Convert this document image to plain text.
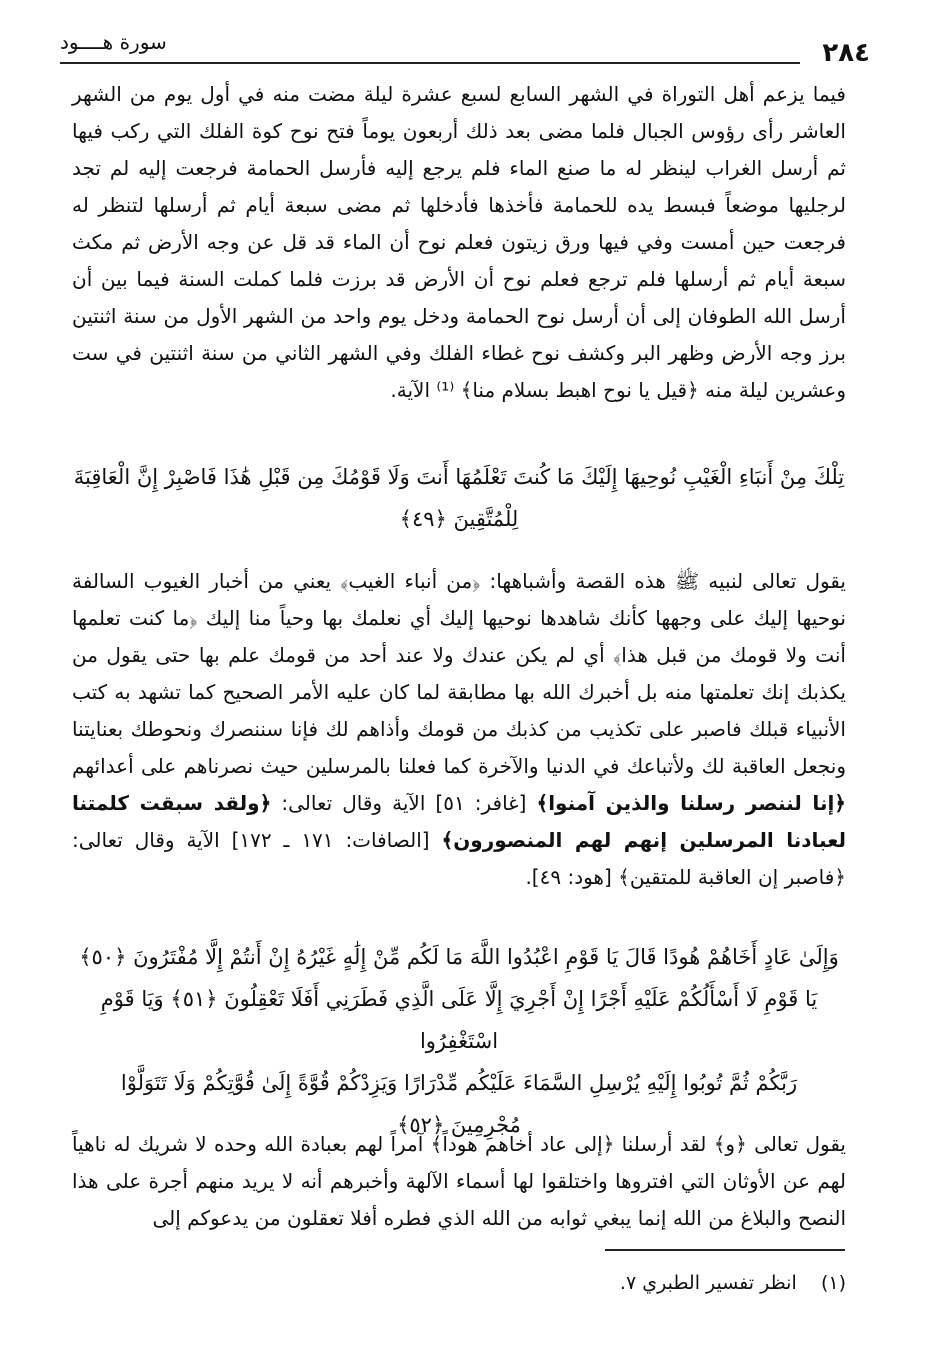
٢٨٤
سورة هــــود

فيما يزعم أهل التوراة في الشهر السابع لسبع عشرة ليلة مضت منه في أول يوم من الشهر العاشر رأى رؤوس الجبال فلما مضى بعد ذلك أربعون يوماً فتح نوح كوة الفلك التي ركب فيها ثم أرسل الغراب لينظر له ما صنع الماء فلم يرجع إليه فأرسل الحمامة فرجعت إليه لم تجد لرجليها موضعاً فبسط يده للحمامة فأخذها فأدخلها ثم مضى سبعة أيام ثم أرسلها لتنظر له فرجعت حين أمست وفي فيها ورق زيتون فعلم نوح أن الماء قد قل عن وجه الأرض ثم مكث سبعة أيام ثم أرسلها فلم ترجع فعلم نوح أن الأرض قد برزت فلما كملت السنة فيما بين أن أرسل الله الطوفان إلى أن أرسل نوح الحمامة ودخل يوم واحد من الشهر الأول من سنة اثنتين برز وجه الأرض وظهر البر وكشف نوح غطاء الفلك وفي الشهر الثاني من سنة اثنتين في ست وعشرين ليلة منه ﴿قيل يا نوح اهبط بسلام منا﴾ ⁽¹⁾ الآية.

تِلْكَ مِنْ أَنبَاءِ الْغَيْبِ نُوحِيهَا إِلَيْكَ مَا كُنتَ تَعْلَمُهَا أَنتَ وَلَا قَوْمُكَ مِن قَبْلِ هَٰذَا فَاصْبِرْ إِنَّ الْعَاقِبَةَ لِلْمُتَّقِينَ ﴿٤٩﴾

يقول تعالى لنبيه ﷺ هذه القصة وأشباهها: ﴿من أنباء الغيب﴾ يعني من أخبار الغيوب السالفة نوحيها إليك على وجهها كأنك شاهدها نوحيها إليك أي نعلمك بها وحياً منا إليك ﴿ما كنت تعلمها أنت ولا قومك من قبل هذا﴾ أي لم يكن عندك ولا عند أحد من قومك علم بها حتى يقول من يكذبك إنك تعلمتها منه بل أخبرك الله بها مطابقة لما كان عليه الأمر الصحيح كما تشهد به كتب الأنبياء قبلك فاصبر على تكذيب من كذبك من قومك وأذاهم لك فإنا سننصرك ونحوطك بعنايتنا ونجعل العاقبة لك ولأتباعك في الدنيا والآخرة كما فعلنا بالمرسلين حيث نصرناهم على أعدائهم ﴿إنا لننصر رسلنا والذين آمنوا﴾ [غافر: ٥١] الآية وقال تعالى: ﴿ولقد سبقت كلمتنا لعبادنا المرسلين إنهم لهم المنصورون﴾ [الصافات: ١٧١ ـ ١٧٢] الآية وقال تعالى: ﴿فاصبر إن العاقبة للمتقين﴾ [هود: ٤٩].

وَإِلَىٰ عَادٍ أَخَاهُمْ هُودًا قَالَ يَا قَوْمِ اعْبُدُوا اللَّهَ مَا لَكُم مِّنْ إِلَٰهٍ غَيْرُهُ إِنْ أَنتُمْ إِلَّا مُفْتَرُونَ ﴿٥٠﴾

يَا قَوْمِ لَا أَسْأَلُكُمْ عَلَيْهِ أَجْرًا إِنْ أَجْرِيَ إِلَّا عَلَى الَّذِي فَطَرَنِي أَفَلَا تَعْقِلُونَ ﴿٥١﴾ وَيَا قَوْمِ اسْتَغْفِرُوا

رَبَّكُمْ ثُمَّ تُوبُوا إِلَيْهِ يُرْسِلِ السَّمَاءَ عَلَيْكُم مِّدْرَارًا وَيَزِدْكُمْ قُوَّةً إِلَىٰ قُوَّتِكُمْ وَلَا تَتَوَلَّوْا

مُجْرِمِينَ ﴿٥٢﴾

يقول تعالى ﴿و﴾ لقد أرسلنا ﴿إلى عاد أخاهم هوداً﴾ آمراً لهم بعبادة الله وحده لا شريك له ناهياً لهم عن الأوثان التي افتروها واختلقوا لها أسماء الآلهة وأخبرهم أنه لا يريد منهم أجرة على هذا النصح والبلاغ من الله إنما يبغي ثوابه من الله الذي فطره أفلا تعقلون من يدعوكم إلى

(١)    انظر تفسير الطبري ٧.
